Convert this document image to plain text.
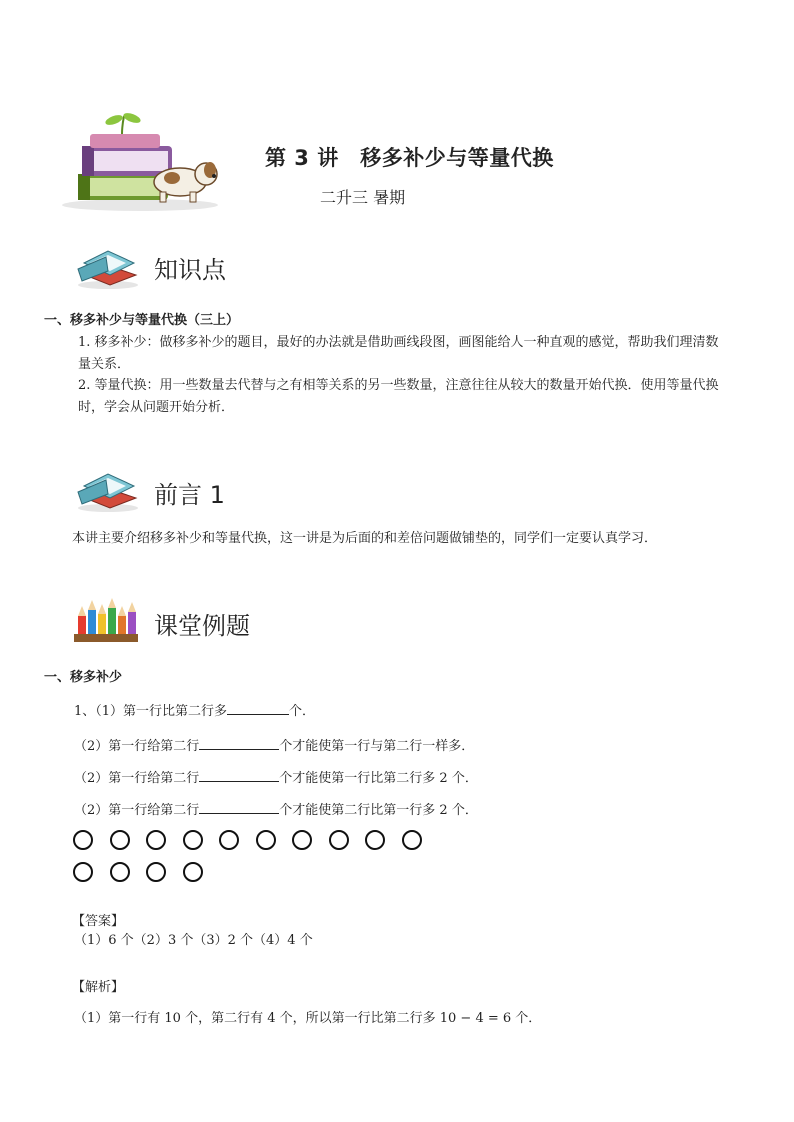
第 3 讲　移多补少与等量代换
二升三 暑期
知识点
一、移多补少与等量代换（三上）
1. 移多补少：做移多补少的题目，最好的办法就是借助画线段图，画图能给人一种直观的感觉，帮助我们理清数量关系．
2. 等量代换：用一些数量去代替与之有相等关系的另一些数量，注意往往从较大的数量开始代换．使用等量代换时，学会从问题开始分析．
前言 1
本讲主要介绍移多补少和等量代换，这一讲是为后面的和差倍问题做铺垫的，同学们一定要认真学习．
课堂例题
一、移多补少
1、（1）第一行比第二行多	个．
（2）第一行给第二行	个才能使第一行与第二行一样多．
（2）第一行给第二行	个才能使第一行比第二行多 2 个．
（2）第一行给第二行	个才能使第二行比第一行多 2 个．
【答案】
（1）6 个（2）3 个（3）2 个（4）4 个
【解析】
（1）第一行有 10 个，第二行有 4 个，所以第一行比第二行多 10 − 4 = 6 个．
